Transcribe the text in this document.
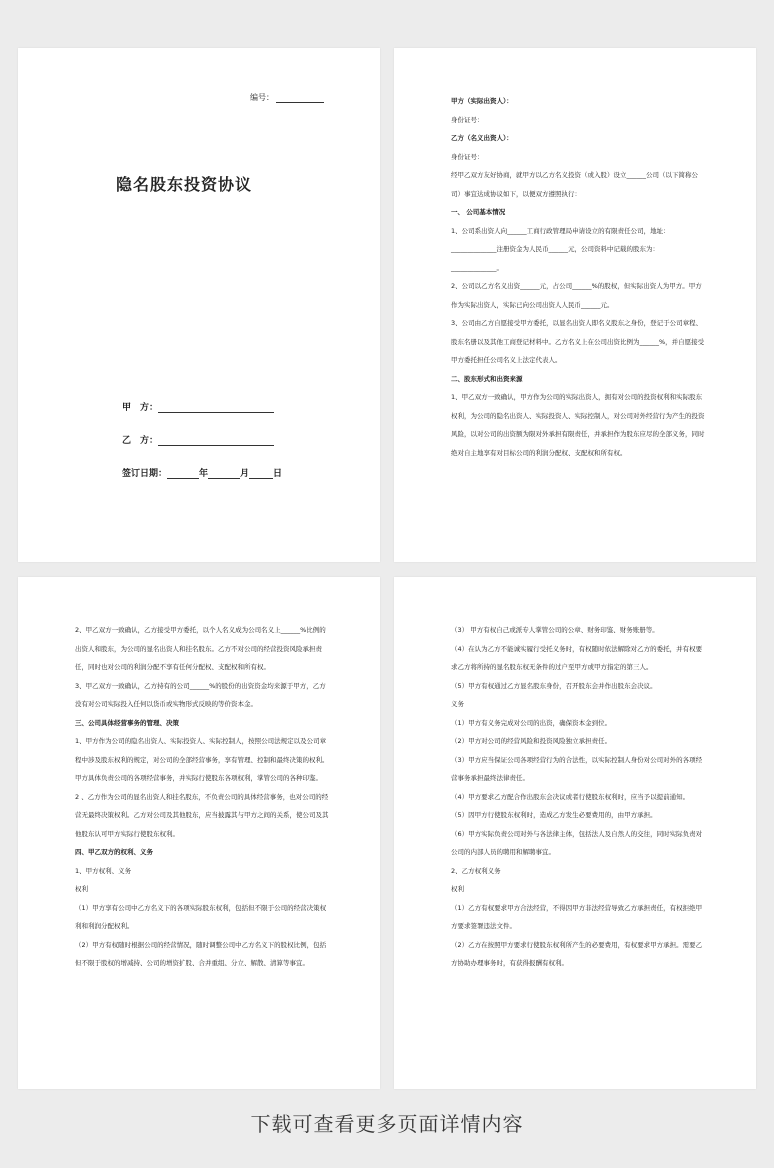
编号：
隐名股东投资协议
甲　方：
乙　方：
签订日期：	年	月	日

甲方（实际出资人）：

身份证号：

乙方（名义出资人）：

身份证号：

经甲乙双方友好协商，就甲方以乙方名义投资（或入股）设立______公司（以下简称公司）事宜达成协议如下，以便双方遵照执行：

一、 公司基本情况

1、公司系出资人向______工商行政管理局申请设立的有限责任公司，地址：______________注册资金为人民币______元，公司资料中记载的股东为：______________。

2、公司以乙方名义出资______元，占公司______%的股权，但实际出资人为甲方。甲方作为实际出资人，实际已向公司出资人人民币______元。

3、公司由乙方自愿接受甲方委托，以显名出资人即名义股东之身份，登记于公司章程、股东名册以及其他工商登记材料中。乙方名义上在公司出资比例为______%，并自愿接受甲方委托担任公司名义上法定代表人。

二、股东形式和出资来源

1、甲乙双方一致确认，甲方作为公司的实际出资人，拥有对公司的投资权利和实际股东权利，为公司的隐名出资人、实际投资人、实际控制人，对公司对外经营行为产生的投资风险，以对公司的出资额为限对外承担有限责任，并承担作为股东应尽的全部义务，同时绝对自主地享有对目标公司的利润分配权、支配权和所有权。

2、甲乙双方一致确认，乙方接受甲方委托，以个人名义成为公司名义上______%比例的出资人和股东，为公司的显名出资人和挂名股东。乙方不对公司的经营投资风险承担责任，同时也对公司的利润分配不享有任何分配权、支配权和所有权。

3、甲乙双方一致确认，乙方持有的公司______%的股份的出资资金均来源于甲方，乙方没有对公司实际投入任何以货币或实物形式反映的等价资本金。

三、公司具体经营事务的管理、决策

1、甲方作为公司的隐名出资人、实际投资人、实际控制人，按照公司法规定以及公司章程中涉及股东权利的规定，对公司的全部经营事务，享有管理、控制和最终决策的权利。甲方具体负责公司的各项经营事务，并实际行使股东各项权利，掌管公司的各种印鉴。

2 、乙方作为公司的显名出资人和挂名股东，不负责公司的具体经营事务，也对公司的经营无最终决策权利。乙方对公司及其他股东，应当披露其与甲方之间的关系，使公司及其他股东认可甲方实际行使股东权利。

四、甲乙双方的权利、义务

1、甲方权利、义务

权利

（1）甲方享有公司中乙方名义下的各项实际股东权利，包括但不限于公司的经营决策权利和利润分配权利。

（2）甲方有权随时根据公司的经营情况，随时调整公司中乙方名义下的股权比例，包括但不限于股权的增减持、公司的增资扩股、合并重组、分立、解散、清算等事宜。

（3） 甲方有权自己或派专人掌管公司的公章、财务印鉴、财务账册等。

（4）在认为乙方不能诚实履行受托义务时，有权随时依法解除对乙方的委托，并有权要求乙方将所持的显名股东权无条件的过户至甲方或甲方指定的第三人。

（5）甲方有权通过乙方显名股东身份，召开股东会并作出股东会决议。

义务

（1）甲方有义务完成对公司的出资，确保资本金到位。

（2）甲方对公司的经营风险和投资风险独立承担责任。

（3）甲方应当保证公司各项经营行为的合法性，以实际控制人身份对公司对外的各项经营事务承担最终法律责任。

（4）甲方要求乙方配合作出股东会决议或者行使股东权利时，应当予以提前通知。

（5）因甲方行使股东权利时，造成乙方发生必要费用的，由甲方承担。

（6）甲方实际负责公司对外与各法律主体，包括法人及自然人的交往，同时实际负责对公司的内部人员的聘用和解聘事宜。

2、乙方权利义务

权利

（1）乙方有权要求甲方合法经营，不得因甲方非法经营导致乙方承担责任，有权拒绝甲方要求签署违法文件。

（2）乙方在按照甲方要求行使股东权利所产生的必要费用，有权要求甲方承担。需要乙方协助办理事务时，有获得报酬有权利。

下载可查看更多页面详情内容
